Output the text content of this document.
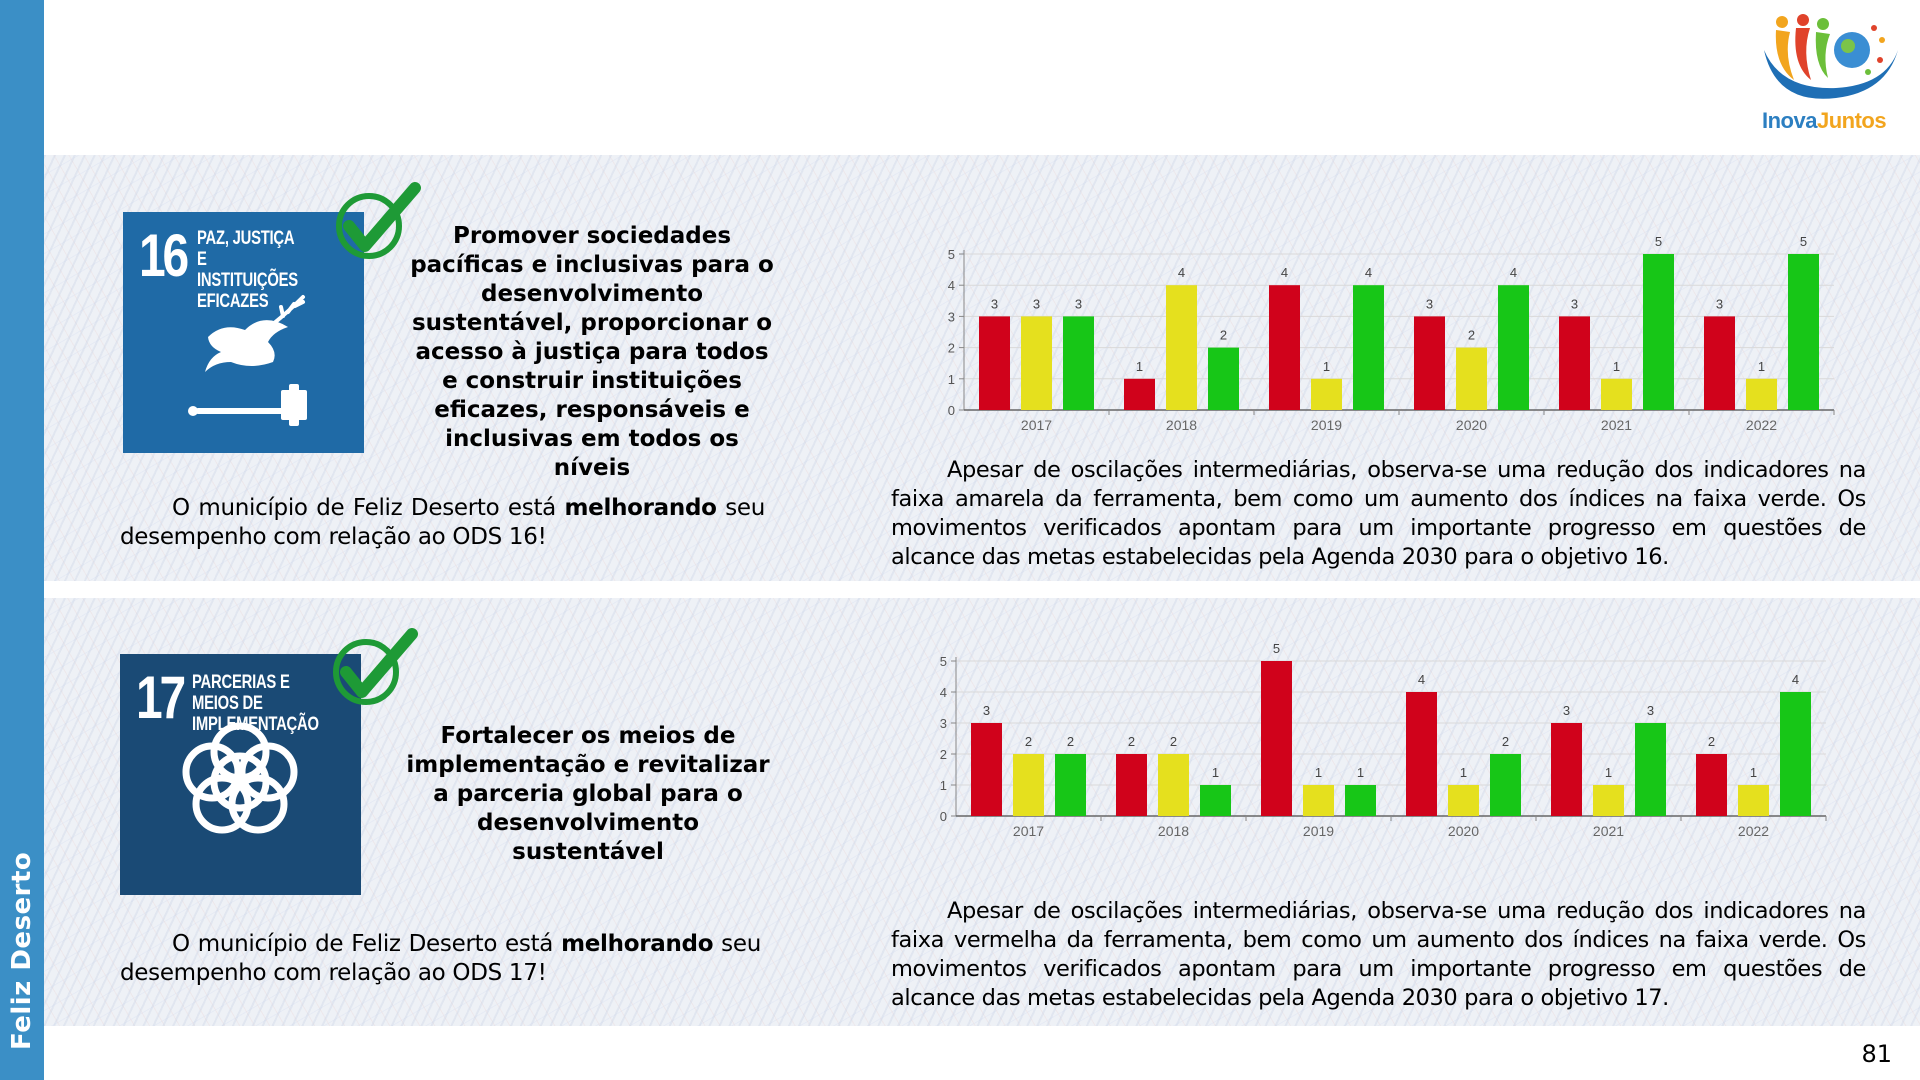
Feliz Deserto
InovaJuntos
16 PAZ, JUSTIÇA E INSTITUIÇÕES EFICAZES
Promover sociedades pacíficas e inclusivas para o desenvolvimento sustentável, proporcionar o acesso à justiça para todos e construir instituições eficazes, responsáveis e inclusivas em todos os níveis
O município de Feliz Deserto está melhorando seu desempenho com relação ao ODS 16!
0
1
2
3
4
5
3	3	3
2017
1
4
2
2018
4
1
4
2019
3
2
4
2020
3
1
5
2021
3
1
5
2022
Apesar de oscilações intermediárias, observa-se uma redução dos indicadores na faixa amarela da ferramenta, bem como um aumento dos índices na faixa verde. Os movimentos verificados apontam para um importante progresso em questões de alcance das metas estabelecidas pela Agenda 2030 para o objetivo 16.
17 PARCERIAS E MEIOS DE IMPLEMENTAÇÃO	Fortalecer os meios de implementação e revitalizar a parceria global para o desenvolvimento sustentável
O município de Feliz Deserto está melhorando seu desempenho com relação ao ODS 17!
0
1
2
3
4
5
3
2	2
2017
2	2
1
2018
5
1	1
2019
4
1
2
2020
3
1
3
2021
2
1
4
2022
Apesar de oscilações intermediárias, observa-se uma redução dos indicadores na faixa vermelha da ferramenta, bem como um aumento dos índices na faixa verde. Os movimentos verificados apontam para um importante progresso em questões de alcance das metas estabelecidas pela Agenda 2030 para o objetivo 17.
81
